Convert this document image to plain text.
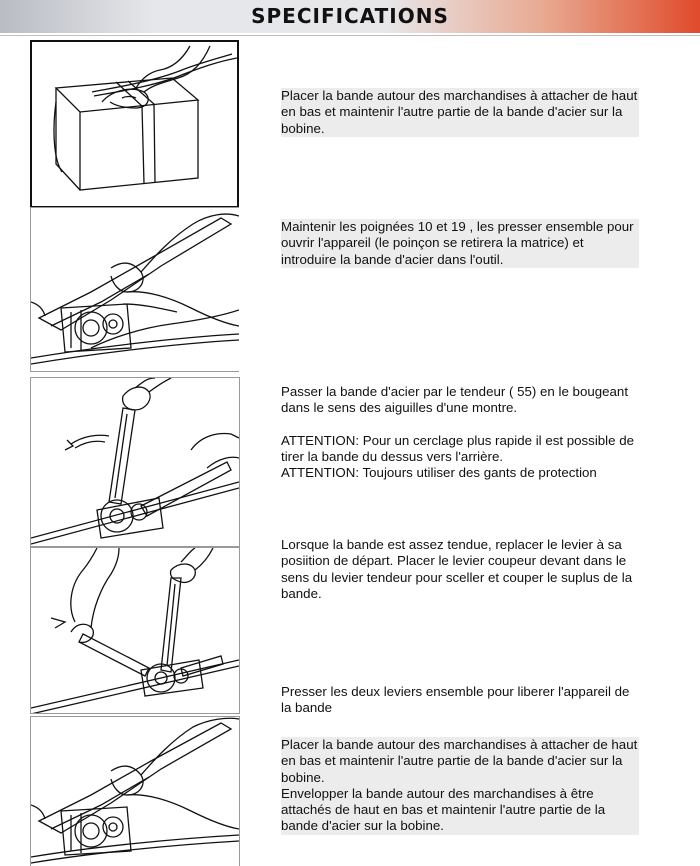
SPECIFICATIONS

Placer la bande autour des marchandises à attacher de haut en bas et maintenir l'autre partie de la bande d'acier sur la bobine.

Maintenir les poignées 10 et 19 , les presser ensemble pour ouvrir l'appareil (le poinçon se retirera la matrice) et introduire la bande d'acier dans l'outil.

Passer la bande d'acier par le tendeur ( 55) en le bougeant dans le sens des aiguilles d'une montre.

ATTENTION: Pour un cerclage plus rapide il est possible de tirer la bande du dessus vers l'arrière.

ATTENTION: Toujours utiliser des gants de protection

Lorsque la bande est assez tendue, replacer le levier à sa posiition de départ. Placer le levier coupeur devant dans le sens du levier tendeur pour sceller et couper le suplus de la bande.

Presser les deux leviers ensemble pour liberer l'appareil de la bande

Placer la bande autour des marchandises à attacher de haut en bas et maintenir l'autre partie de la bande d'acier sur la bobine.

Envelopper la bande autour des marchandises à être attachés de haut en bas et maintenir l'autre partie de la bande d'acier sur la bobine.
